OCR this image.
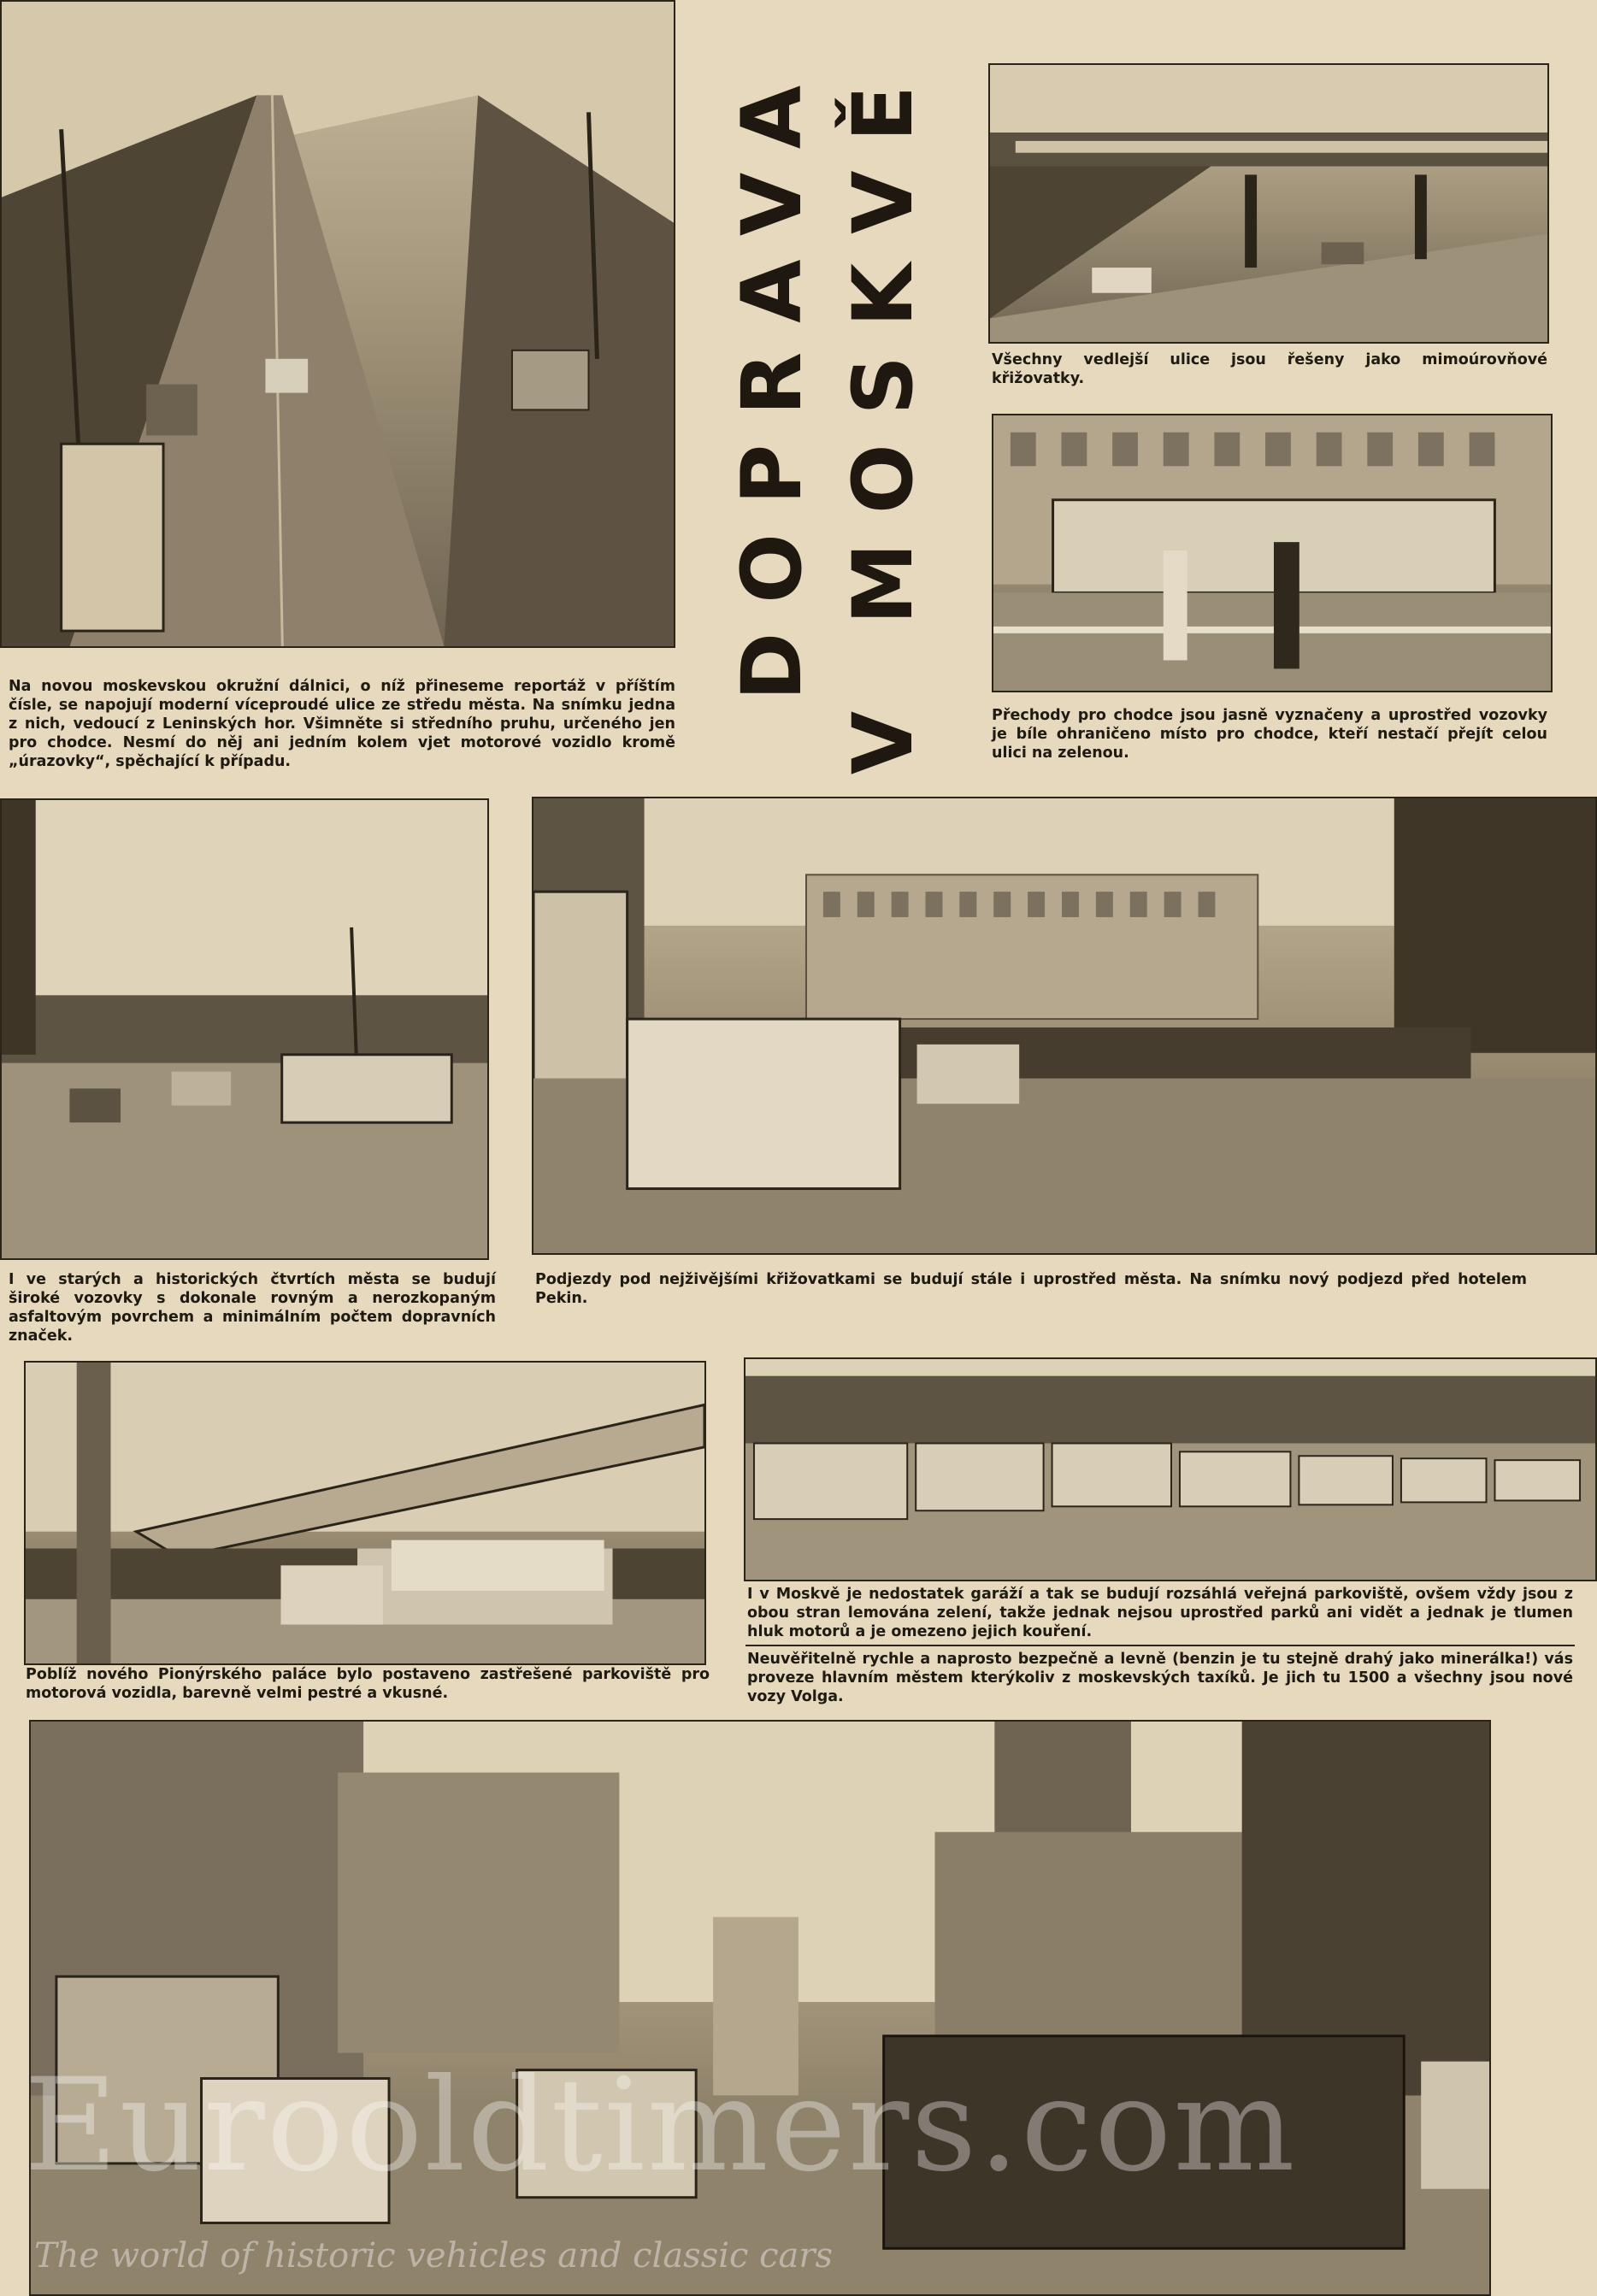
DOPRAVA V MOSKVĚ

Na novou moskevskou okružní dálnici, o níž přineseme reportáž v příštím čísle, se napojují moderní víceproudé ulice ze středu města. Na snímku jedna z nich, vedoucí z Leninských hor. Všimněte si středního pruhu, určeného jen pro chodce. Nesmí do něj ani jedním kolem vjet motorové vozidlo kromě „úrazovky“, spěchající k případu.

Všechny vedlejší ulice jsou řešeny jako mimoúrovňové křižovatky.

Přechody pro chodce jsou jasně vyznačeny a uprostřed vozovky je bíle ohraničeno místo pro chodce, kteří nestačí přejít celou ulici na zelenou.

I ve starých a historických čtvrtích města se budují široké vozovky s dokonale rovným a nerozkopaným asfaltovým povrchem a minimálním počtem dopravních značek.

Podjezdy pod nejživějšími křižovatkami se budují stále i uprostřed města. Na snímku nový podjezd před hotelem Pekin.

Poblíž nového Pionýrského paláce bylo postaveno zastřešené parkoviště pro motorová vozidla, barevně velmi pestré a vkusné.

I v Moskvě je nedostatek garáží a tak se budují rozsáhlá veřejná parkoviště, ovšem vždy jsou z obou stran lemována zelení, takže jednak nejsou uprostřed parků ani vidět a jednak je tlumen hluk motorů a je omezeno jejich kouření.

Neuvěřitelně rychle a naprosto bezpečně a levně (benzin je tu stejně drahý jako minerálka!) vás proveze hlavním městem kterýkoliv z moskevských taxíků. Je jich tu 1500 a všechny jsou nové vozy Volga.

Eurooldtimers.com
The world of historic vehicles and classic cars
